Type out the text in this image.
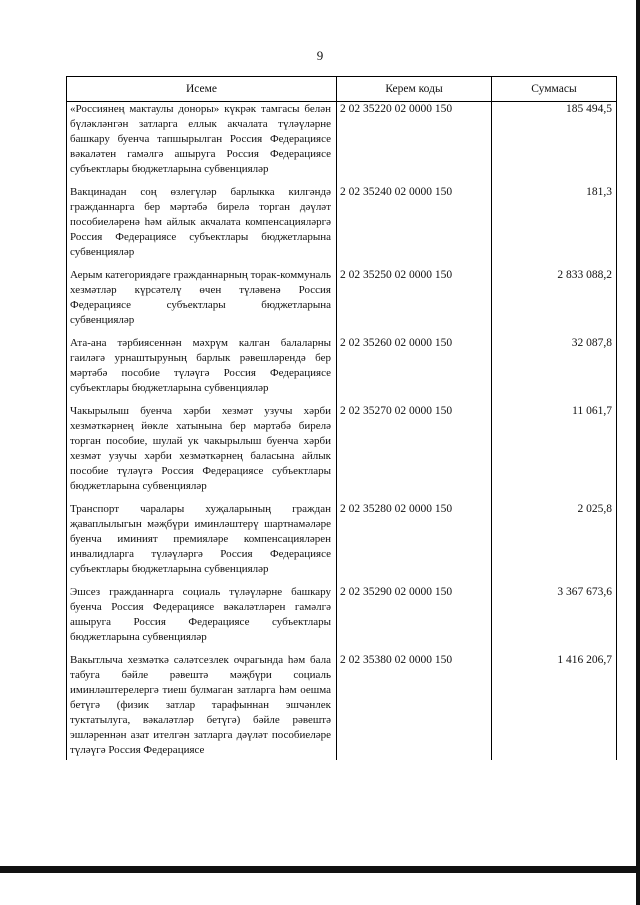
9
Исеме	Керем коды	Суммасы
«Россиянең мактаулы доноры» күкрәк тамгасы белән бүләкләнгән затларга еллык акчалата түләүләрне башкару буенча тапшырылган Россия Федерациясе вәкаләтен гамәлгә ашыруга Россия Федерациясе субъектлары бюджетларына субвенцияләр	2 02 35220 02 0000 150	185 494,5
Вакцинадан соң өзлегүләр барлыкка килгәндә гражданнарга бер мәртәбә бирелә торган дәүләт пособиеләренә һәм айлык акчалата компенсацияләргә Россия Федерациясе субъектлары бюджетларына субвенцияләр	2 02 35240 02 0000 150	181,3
Аерым категориядәге гражданнарның торак-коммуналь хезмәтләр күрсәтелү өчен түләвенә Россия Федерациясе субъектлары бюджетларына субвенцияләр	2 02 35250 02 0000 150	2 833 088,2
Ата-ана тәрбиясеннән мәхрүм калган балаларны гаиләгә урнаштыруның барлык рәвешләрендә бер мәртәбә пособие түләүгә Россия Федерациясе субъектлары бюджетларына субвенцияләр	2 02 35260 02 0000 150	32 087,8
Чакырылыш буенча хәрби хезмәт узучы хәрби хезмәткәрнең йөкле хатынына бер мәртәбә бирелә торган пособие, шулай ук чакырылыш буенча хәрби хезмәт узучы хәрби хезмәткәрнең баласына айлык пособие түләүгә Россия Федерациясе субъектлары бюджетларына субвенцияләр	2 02 35270 02 0000 150	11 061,7
Транспорт чаралары хуҗаларының граждан җаваплылыгын мәҗбүри иминләштерү шартнамәләре буенча иминият премияләре компенсацияләрен инвалидларга түләүләргә Россия Федерациясе субъектлары бюджетларына субвенцияләр	2 02 35280 02 0000 150	2 025,8
Эшсез гражданнарга социаль түләүләрне башкару буенча Россия Федерациясе вәкаләтләрен гамәлгә ашыруга Россия Федерациясе субъектлары бюджетларына субвенцияләр	2 02 35290 02 0000 150	3 367 673,6
Вакытлыча хезмәткә сәләтсезлек очрагында һәм бала табуга бәйле рәвештә мәҗбүри социаль иминләштерелергә тиеш булмаган затларга һәм оешма бетүгә (физик затлар тарафыннан эшчәнлек туктатылуга, вәкаләтләр бетүгә) бәйле рәвештә эшләреннән азат ителгән затларга дәүләт пособиеләре түләүгә Россия Федерациясе	2 02 35380 02 0000 150	1 416 206,7
